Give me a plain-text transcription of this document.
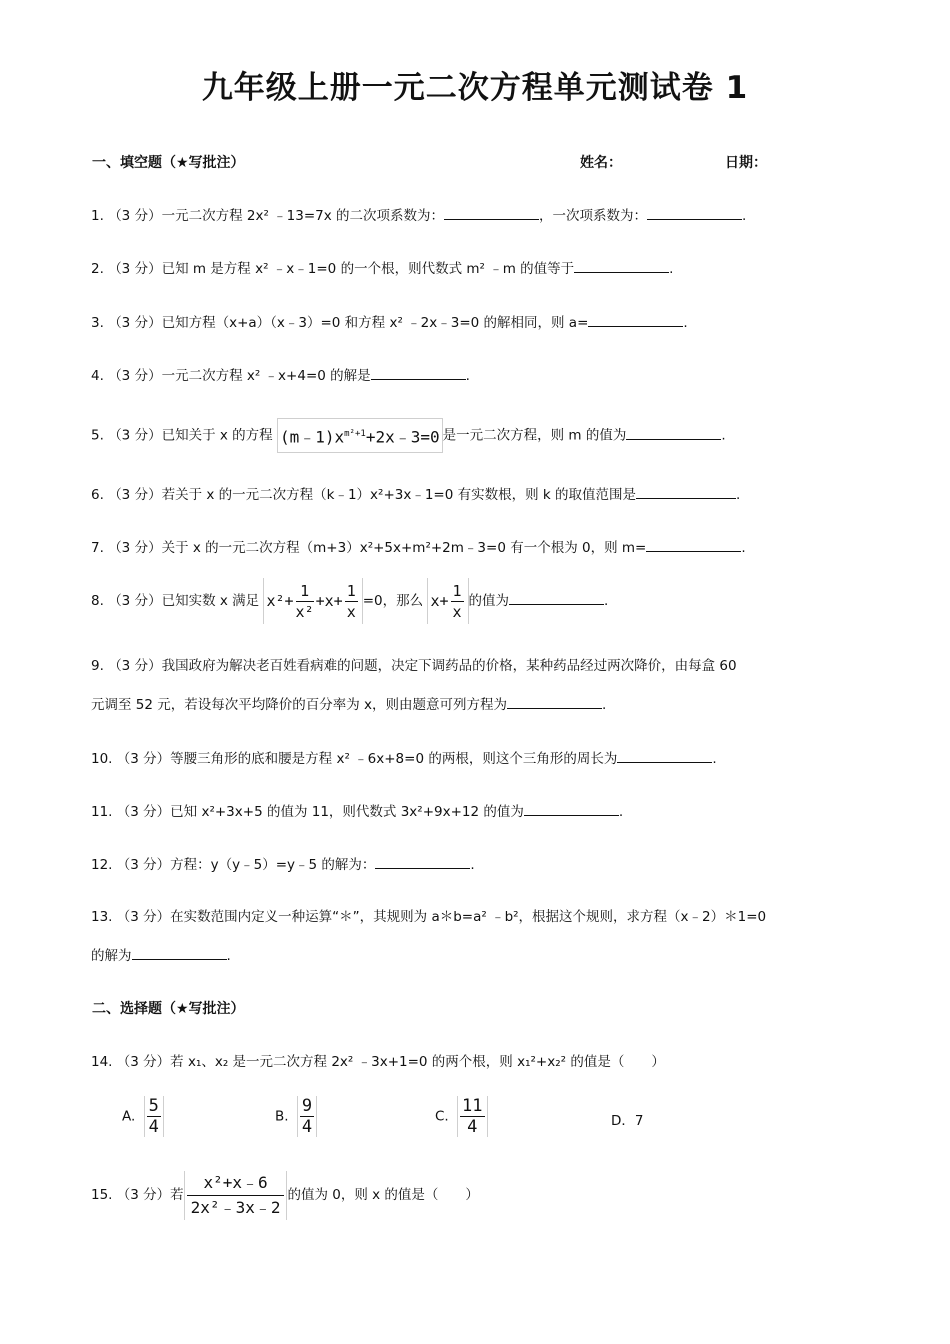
九年级上册一元二次方程单元测试卷 1
一、填空题（★写批注）	姓名：	日期：
1. （3 分）一元二次方程 2x² ﹣13=7x 的二次项系数为：	，一次项系数为：	.
2. （3 分）已知 m 是方程 x² ﹣x﹣1=0 的一个根，则代数式 m² ﹣m 的值等于	.
3. （3 分）已知方程（x+a）（x﹣3）=0 和方程 x² ﹣2x﹣3=0 的解相同，则 a=	.
4. （3 分）一元二次方程 x² ﹣x+4=0 的解是	.
5. （3 分）已知关于 x 的方程 $(m﹣1)x^{m^2+1}+2x﹣3=0$ 是一元二次方程，则 m 的值为	.
6. （3 分）若关于 x 的一元二次方程（k﹣1）x²+3x﹣1=0 有实数根，则 k 的取值范围是	.
7. （3 分）关于 x 的一元二次方程（m+3）x²+5x+m²+2m﹣3=0 有一个根为 0，则 m=	.
8. （3 分）已知实数 x 满足 $x^2+ \frac{1}{\text{x²}} +x+ \frac{1}{x} =0$，那么 $x+ \frac{1}{x}$ 的值为	.
9. （3 分）我国政府为解决老百姓看病难的问题，决定下调药品的价格，某种药品经过两次降价，由每盒 60
元调至 52 元，若设每次平均降价的百分率为 x，则由题意可列方程为	.
10. （3 分）等腰三角形的底和腰是方程 x² ﹣6x+8=0 的两根，则这个三角形的周长为	.
11. （3 分）已知 x²+3x+5 的值为 11，则代数式 3x²+9x+12 的值为	.
12. （3 分）方程：y（y﹣5）=y﹣5 的解为：	.
13. （3 分）在实数范围内定义一种运算“＊”，其规则为 a＊b=a² ﹣b²，根据这个规则，求方程（x﹣2）＊1=0
的解为	.
二、选择题（★写批注）
14. （3 分）若 x₁、x₂ 是一元二次方程 2x² ﹣3x+1=0 的两个根，则 x₁²+x₂² 的值是（　　）
A. $\frac{5}{4}$	B. $\frac{9}{4}$	C. $\frac{11}{4}$	D．7
15. （3 分）若 $\frac{\text{x²+x﹣6}}{\text{2x²﹣3x﹣2}}$ 的值为 0，则 x 的值是（　　）
